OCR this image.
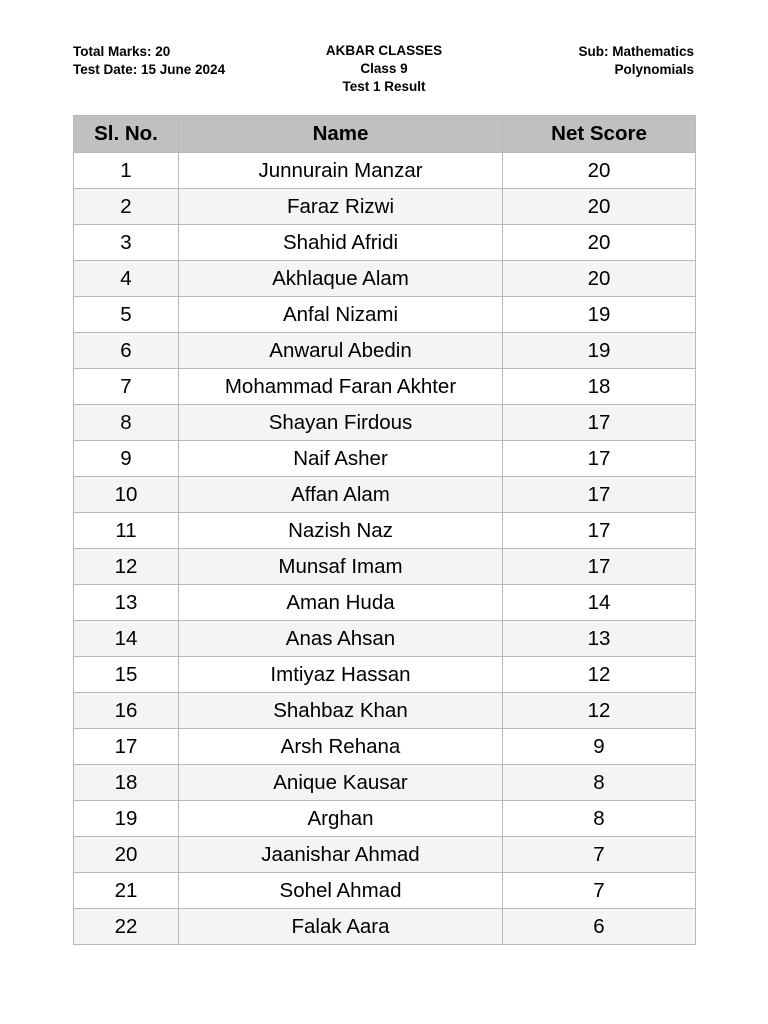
Total Marks: 20
Test Date: 15 June 2024
AKBAR CLASSES
Class 9
Test 1 Result
Sub: Mathematics
Polynomials
Sl. No.	Name	Net Score
1	Junnurain Manzar	20
2	Faraz Rizwi	20
3	Shahid Afridi	20
4	Akhlaque Alam	20
5	Anfal Nizami	19
6	Anwarul Abedin	19
7	Mohammad Faran Akhter	18
8	Shayan Firdous	17
9	Naif Asher	17
10	Affan Alam	17
11	Nazish Naz	17
12	Munsaf Imam	17
13	Aman Huda	14
14	Anas Ahsan	13
15	Imtiyaz Hassan	12
16	Shahbaz Khan	12
17	Arsh Rehana	9
18	Anique Kausar	8
19	Arghan	8
20	Jaanishar Ahmad	7
21	Sohel Ahmad	7
22	Falak Aara	6
